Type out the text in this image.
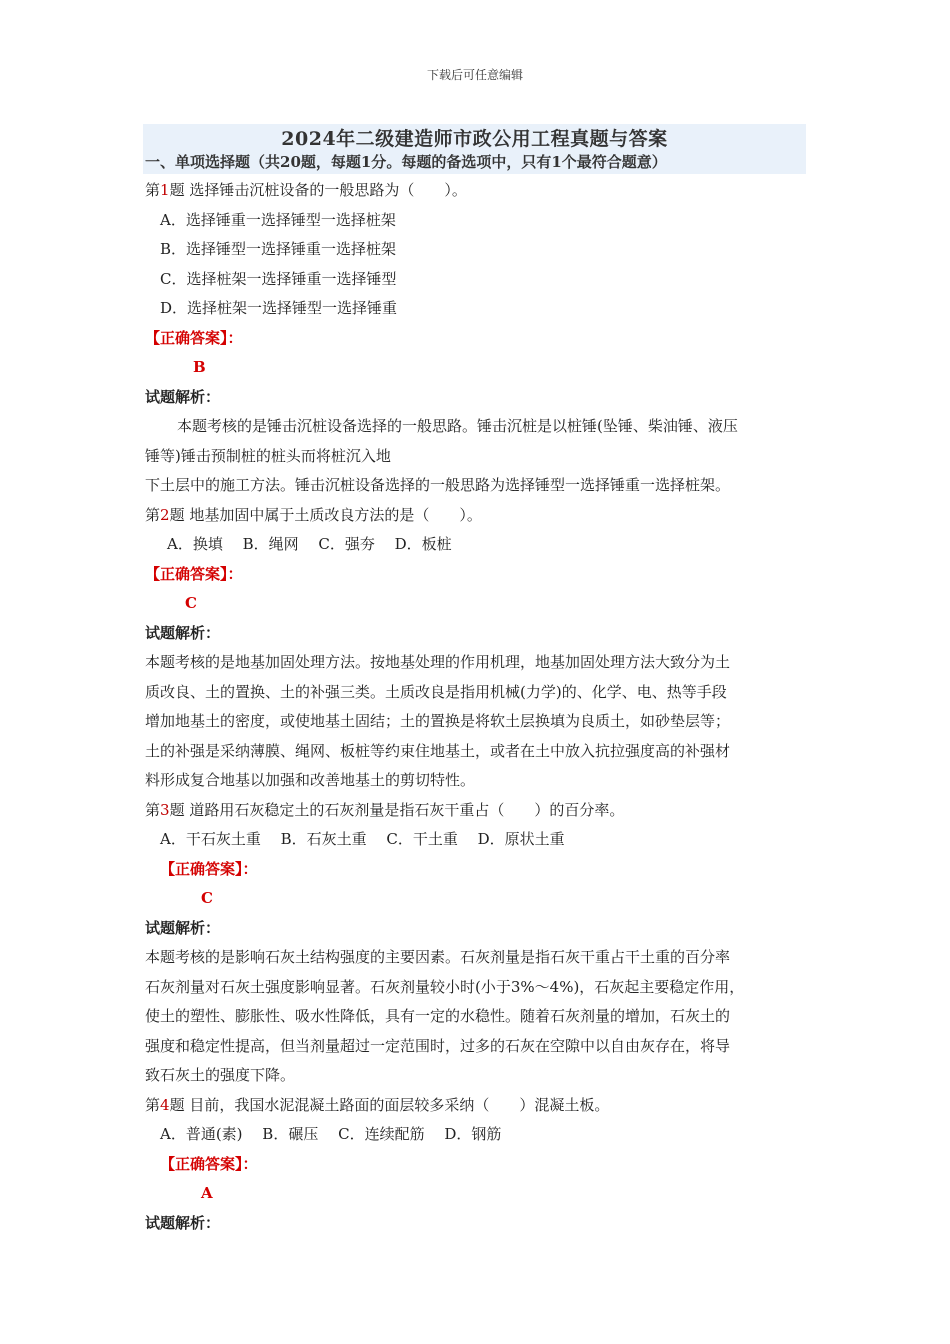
下载后可任意编辑
2024年二级建造师市政公用工程真题与答案
一、单项选择题（共20题，每题1分。每题的备选项中，只有1个最符合题意）
第1题 选择锤击沉桩设备的一般思路为（　　）。
A．选择锤重一选择锤型一选择桩架
B．选择锤型一选择锤重一选择桩架
C．选择桩架一选择锤重一选择锤型
D．选择桩架一选择锤型一选择锤重
【正确答案】：
B
试题解析：
本题考核的是锤击沉桩设备选择的一般思路。锤击沉桩是以桩锤(坠锤、柴油锤、液压
锤等)锤击预制桩的桩头而将桩沉入地
下土层中的施工方法。锤击沉桩设备选择的一般思路为选择锤型一选择锤重一选择桩架。
第2题 地基加固中属于土质改良方法的是（　　）。
A．换填　 B．绳网　 C．强夯　 D．板桩
【正确答案】：
C
试题解析：
本题考核的是地基加固处理方法。按地基处理的作用机理，地基加固处理方法大致分为土
质改良、土的置换、土的补强三类。土质改良是指用机械(力学)的、化学、电、热等手段
增加地基土的密度，或使地基土固结；土的置换是将软土层换填为良质土，如砂垫层等；
土的补强是采纳薄膜、绳网、板桩等约束住地基土，或者在土中放入抗拉强度高的补强材
料形成复合地基以加强和改善地基土的剪切特性。
第3题 道路用石灰稳定土的石灰剂量是指石灰干重占（　　）的百分率。
A．干石灰土重　 B．石灰土重　 C．干土重　 D．原状土重
【正确答案】：
C
试题解析：
本题考核的是影响石灰土结构强度的主要因素。石灰剂量是指石灰干重占干土重的百分率
石灰剂量对石灰土强度影响显著。石灰剂量较小时(小于3%～4%)，石灰起主要稳定作用，
使土的塑性、膨胀性、吸水性降低，具有一定的水稳性。随着石灰剂量的增加，石灰土的
强度和稳定性提高，但当剂量超过一定范围时，过多的石灰在空隙中以自由灰存在，将导
致石灰土的强度下降。
第4题 目前，我国水泥混凝土路面的面层较多采纳（　　）混凝土板。
A．普通(素)　 B．碾压　 C．连续配筋　 D．钢筋
【正确答案】：
A
试题解析：
